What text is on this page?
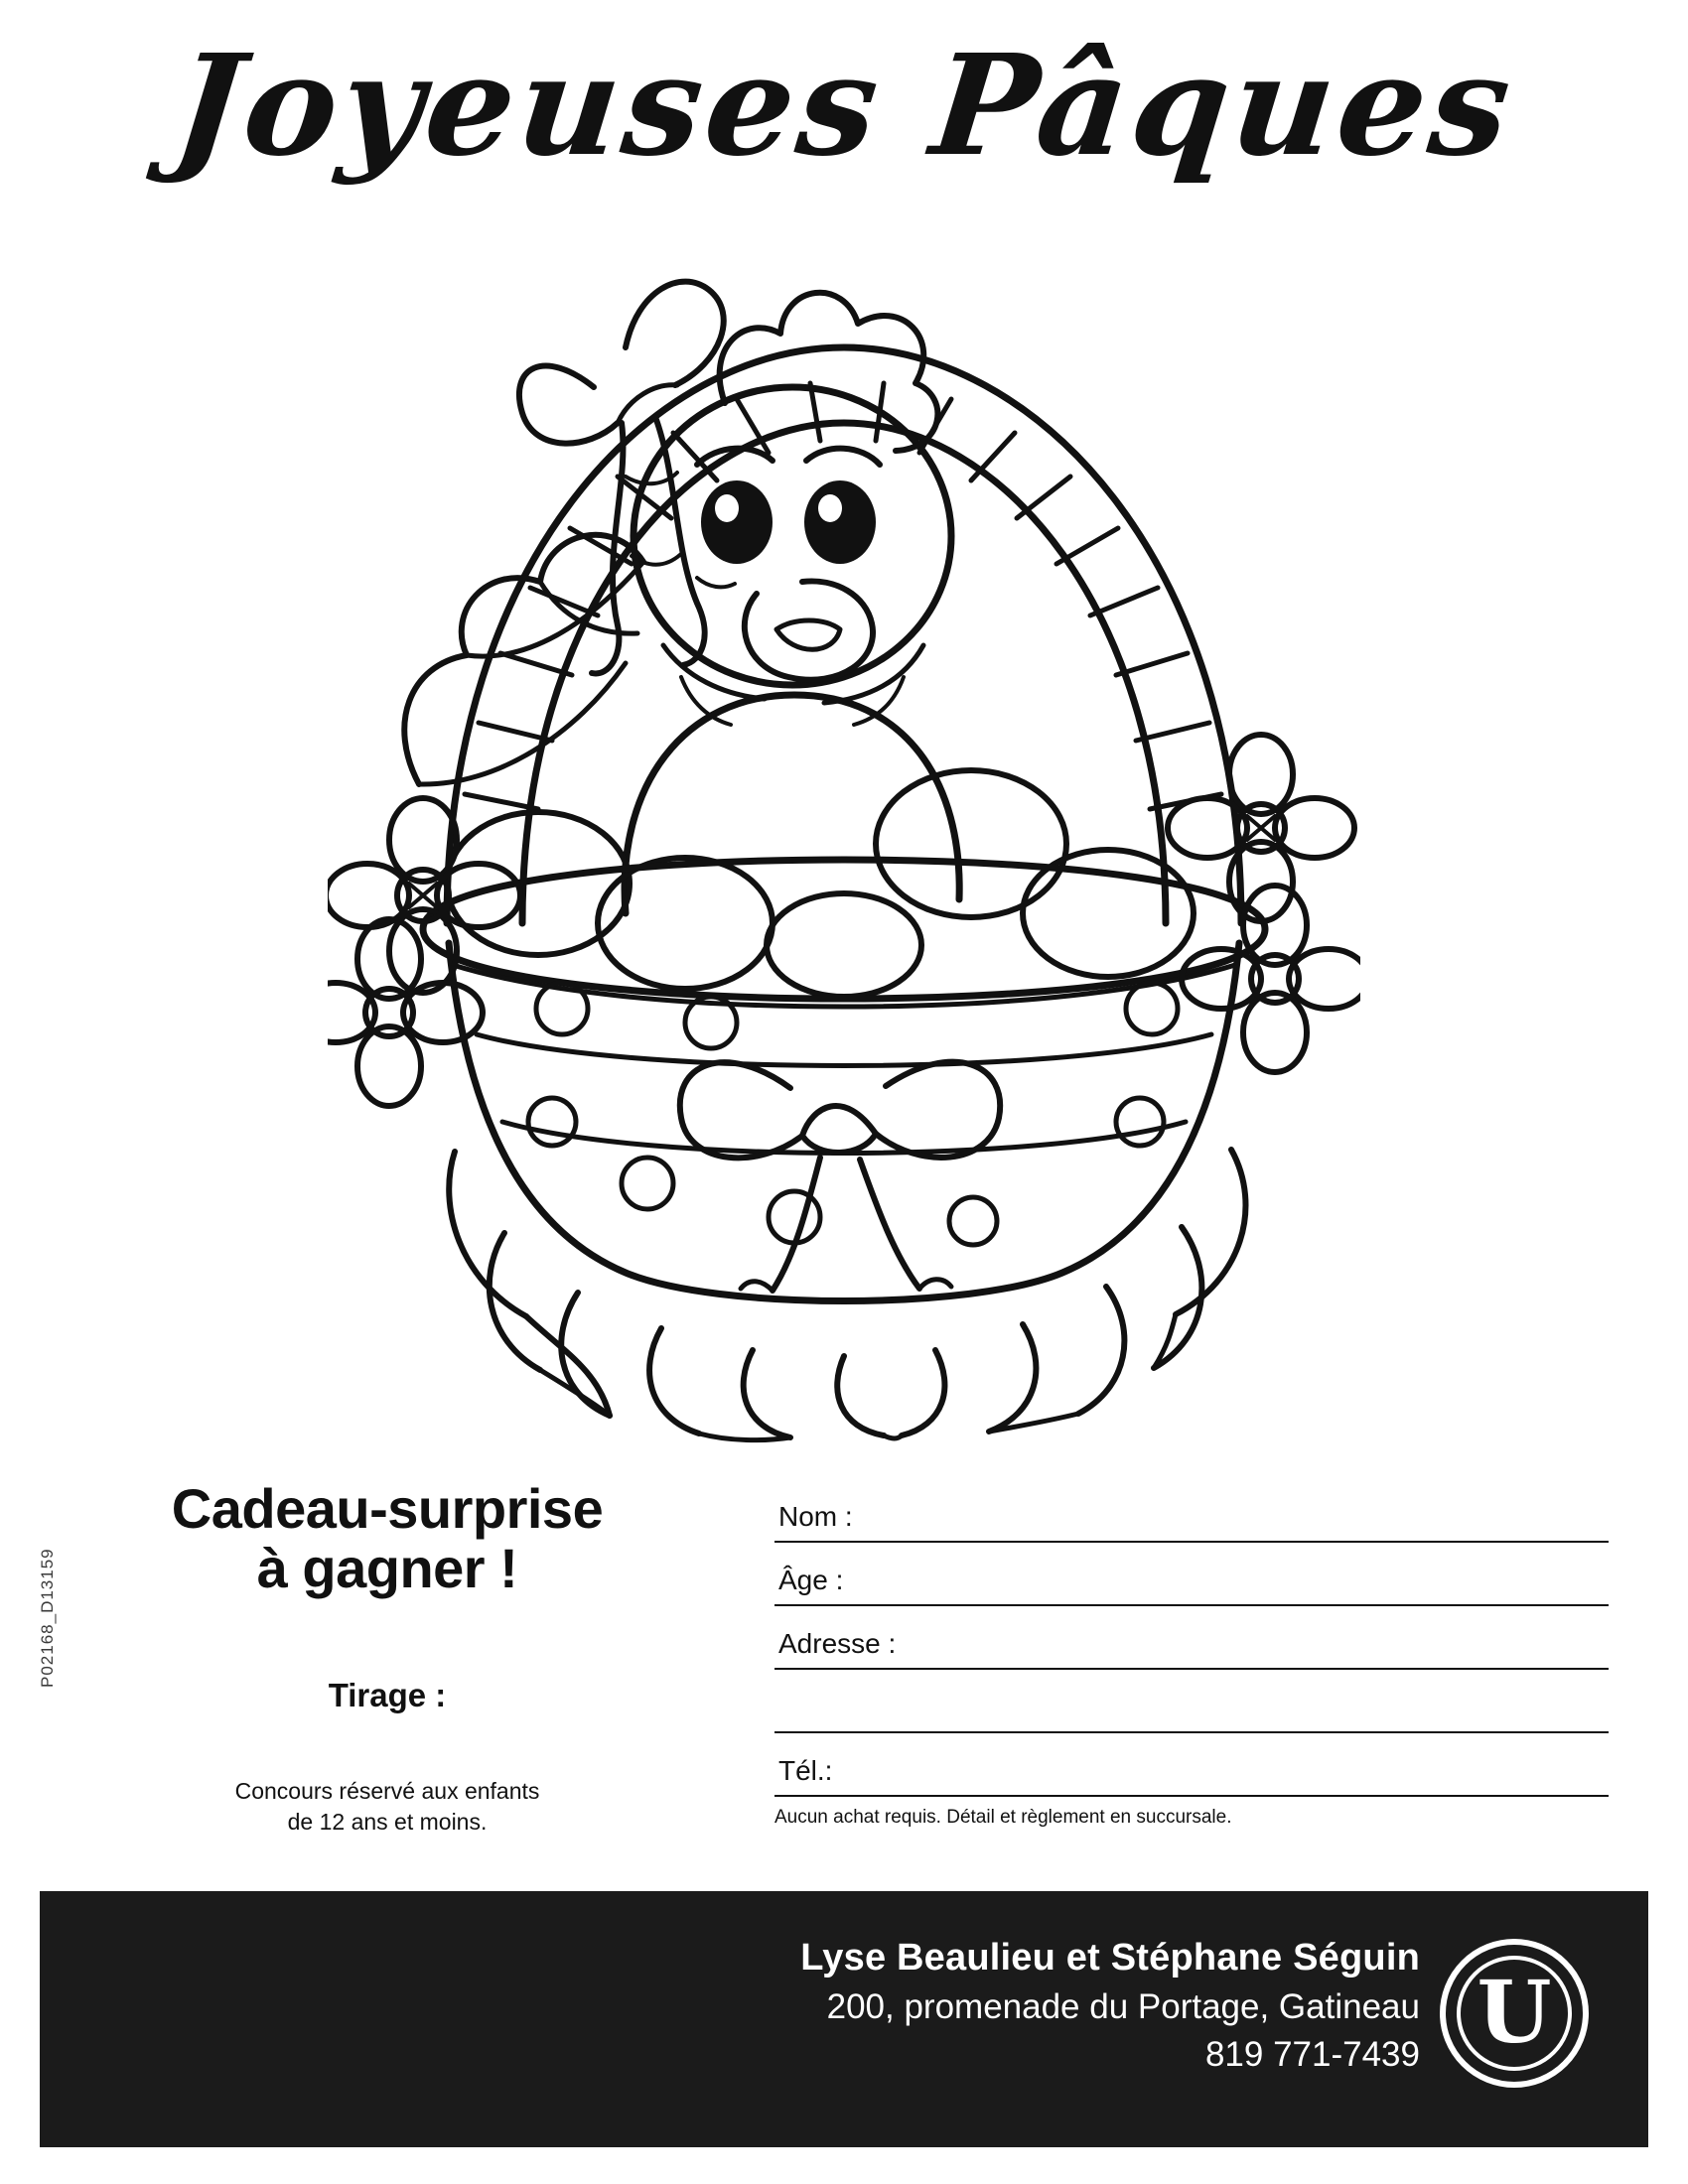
Joyeuses Pâques
P02168_D13159
Cadeau-surprise
à gagner !
Tirage :
Concours réservé aux enfants
de 12 ans et moins.
Nom :
Âge :
Adresse :
Tél.:
Aucun achat requis. Détail et règlement en succursale.
Lyse Beaulieu et Stéphane Séguin
200, promenade du Portage, Gatineau
819 771-7439 U
